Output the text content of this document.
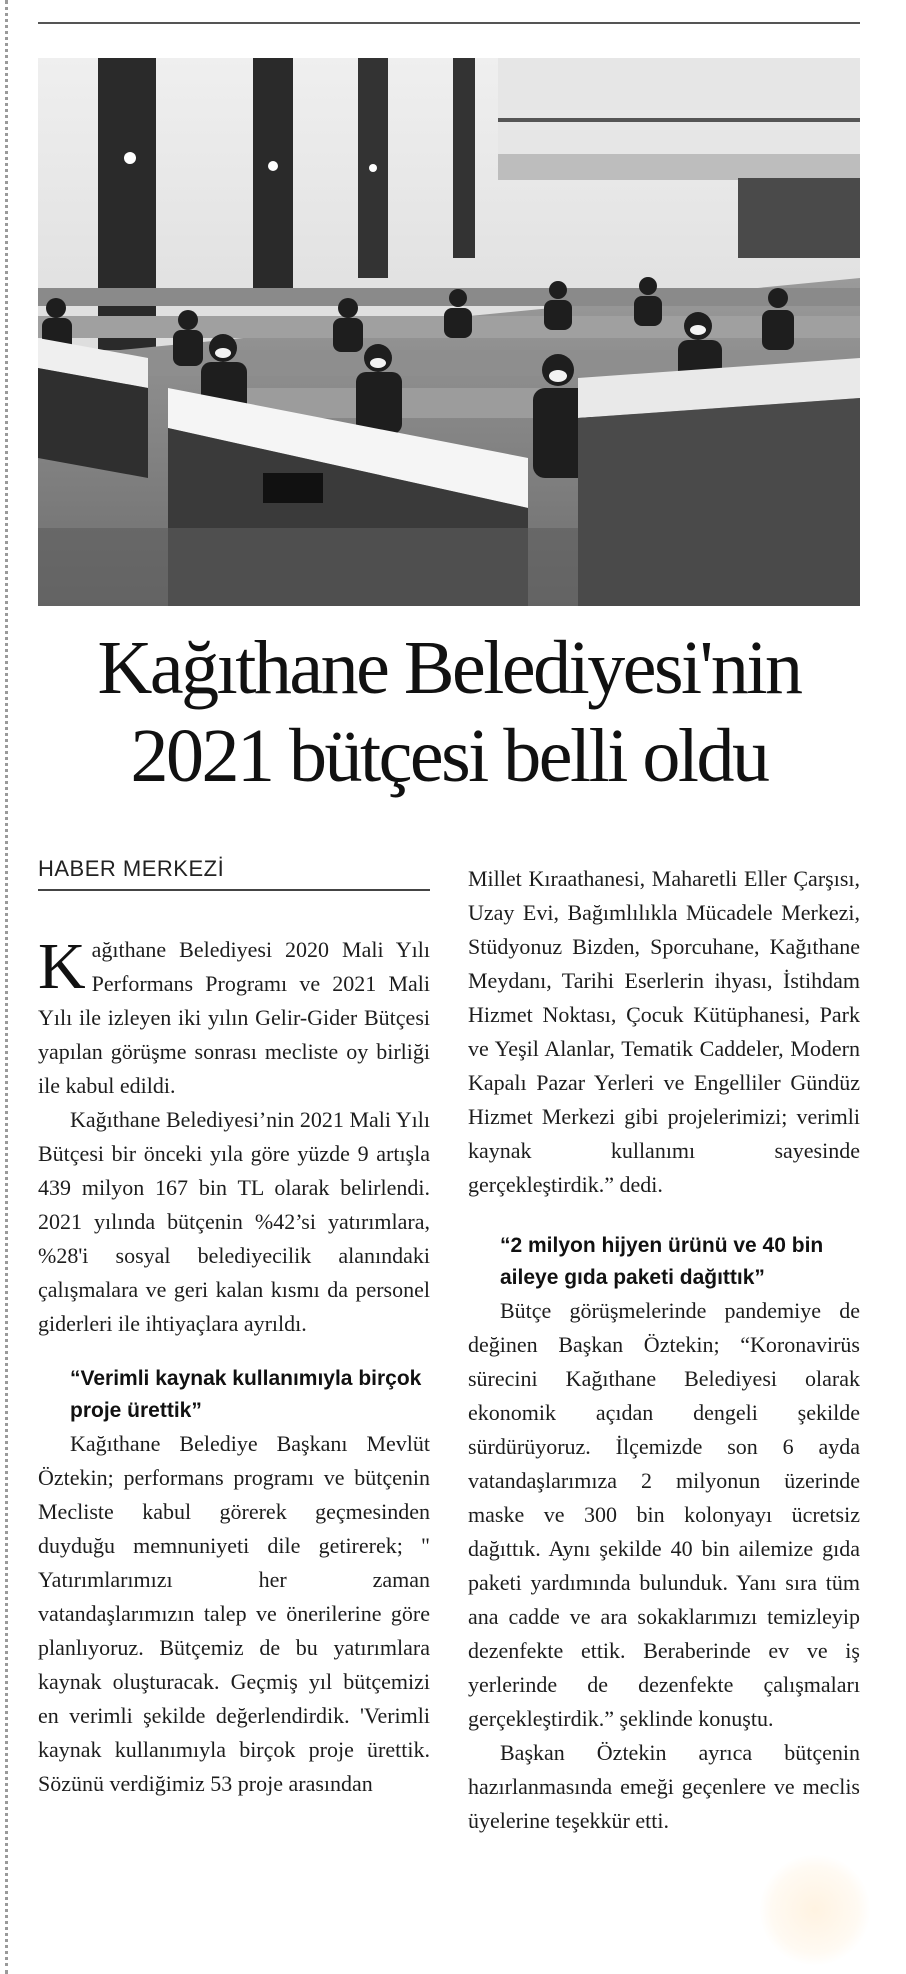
Kağıthane Belediyesi'nin
2021 bütçesi belli oldu
HABER MERKEZİ

Kağıthane Belediyesi 2020 Mali Yılı Performans Programı ve 2021 Mali Yılı ile izleyen iki yılın Gelir-Gider Bütçesi yapılan görüşme sonrası mecliste oy birliği ile kabul edildi.

Kağıthane Belediyesi’nin 2021 Mali Yılı Bütçesi bir önceki yıla göre yüzde 9 artışla 439 milyon 167 bin TL olarak belirlendi. 2021 yılında bütçenin %42’si yatırımlara, %28'i sosyal belediyecilik alanındaki çalışmalara ve geri kalan kısmı da personel giderleri ile ihtiyaçlara ayrıldı.

“Verimli kaynak kullanımıyla birçok proje ürettik”

Kağıthane Belediye Başkanı Mevlüt Öztekin; performans programı ve bütçenin Mecliste kabul görerek geçmesinden duyduğu memnuniyeti dile getirerek; " Yatırımlarımızı her zaman vatandaşlarımızın talep ve önerilerine göre planlıyoruz. Bütçemiz de bu yatırımlara kaynak oluşturacak. Geçmiş yıl bütçemizi en verimli şekilde değerlendirdik. 'Verimli kaynak kullanımıyla birçok proje ürettik. Sözünü verdiğimiz 53 proje arasından

Millet Kıraathanesi, Maharetli Eller Çarşısı, Uzay Evi, Bağımlılıkla Mücadele Merkezi, Stüdyonuz Bizden, Sporcuhane, Kağıthane Meydanı, Tarihi Eserlerin ihyası, İstihdam Hizmet Noktası, Çocuk Kütüphanesi, Park ve Yeşil Alanlar, Tematik Caddeler, Modern Kapalı Pazar Yerleri ve Engelliler Gündüz Hizmet Merkezi gibi projelerimizi; verimli kaynak kullanımı sayesinde gerçekleştirdik.” dedi.

“2 milyon hijyen ürünü ve 40 bin aileye gıda paketi dağıttık”

Bütçe görüşmelerinde pandemiye de değinen Başkan Öztekin; “Koronavirüs sürecini Kağıthane Belediyesi olarak ekonomik açıdan dengeli şekilde sürdürüyoruz. İlçemizde son 6 ayda vatandaşlarımıza 2 milyonun üzerinde maske ve 300 bin kolonyayı ücretsiz dağıttık. Aynı şekilde 40 bin ailemize gıda paketi yardımında bulunduk. Yanı sıra tüm ana cadde ve ara sokaklarımızı temizleyip dezenfekte ettik. Beraberinde ev ve iş yerlerinde de dezenfekte çalışmaları gerçekleştirdik.” şeklinde konuştu.

Başkan Öztekin ayrıca bütçenin hazırlanmasında emeği geçenlere ve meclis üyelerine teşekkür etti.
